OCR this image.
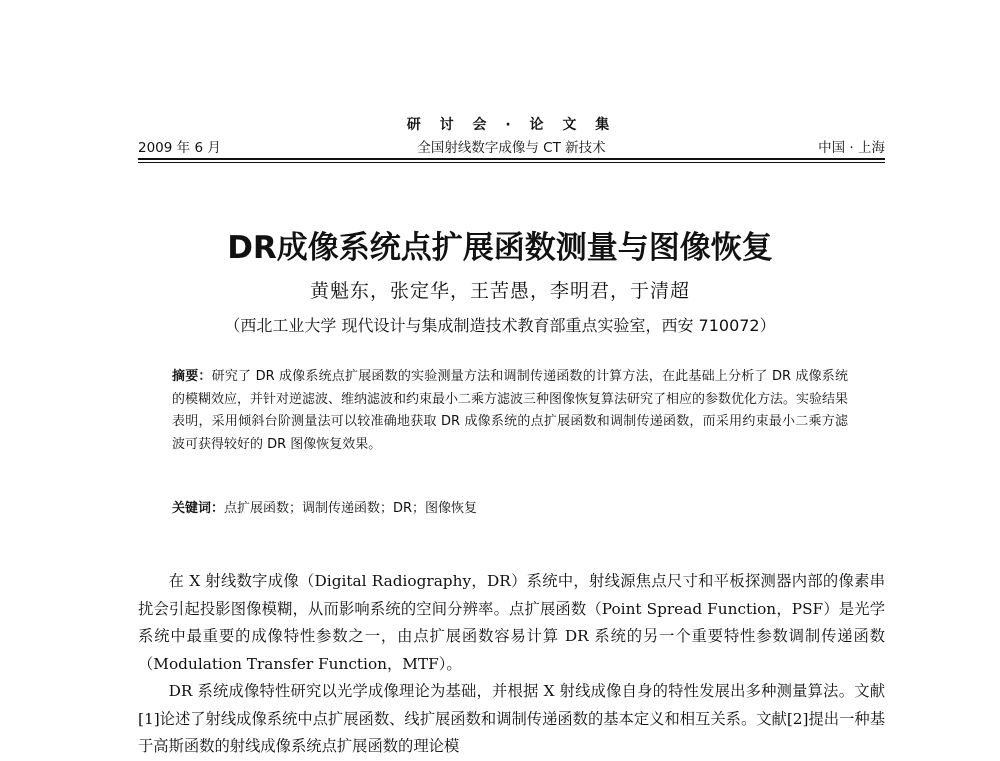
研 讨 会 · 论 文 集
2009 年 6 月	全国射线数字成像与 CT 新技术	中国 · 上海
DR成像系统点扩展函数测量与图像恢复
黄魁东，张定华，王苦愚，李明君，于清超
（西北工业大学 现代设计与集成制造技术教育部重点实验室，西安 710072）
摘要：研究了 DR 成像系统点扩展函数的实验测量方法和调制传递函数的计算方法，在此基础上分析了 DR 成像系统的模糊效应，并针对逆滤波、维纳滤波和约束最小二乘方滤波三种图像恢复算法研究了相应的参数优化方法。实验结果表明，采用倾斜台阶测量法可以较准确地获取 DR 成像系统的点扩展函数和调制传递函数，而采用约束最小二乘方滤波可获得较好的 DR 图像恢复效果。
关键词：点扩展函数；调制传递函数；DR；图像恢复

在 X 射线数字成像（Digital Radiography，DR）系统中，射线源焦点尺寸和平板探测器内部的像素串扰会引起投影图像模糊，从而影响系统的空间分辨率。点扩展函数（Point Spread Function，PSF）是光学系统中最重要的成像特性参数之一，由点扩展函数容易计算 DR 系统的另一个重要特性参数调制传递函数（Modulation Transfer Function，MTF）。

DR 系统成像特性研究以光学成像理论为基础，并根据 X 射线成像自身的特性发展出多种测量算法。文献[1]论述了射线成像系统中点扩展函数、线扩展函数和调制传递函数的基本定义和相互关系。文献[2]提出一种基于高斯函数的射线成像系统点扩展函数的理论模
